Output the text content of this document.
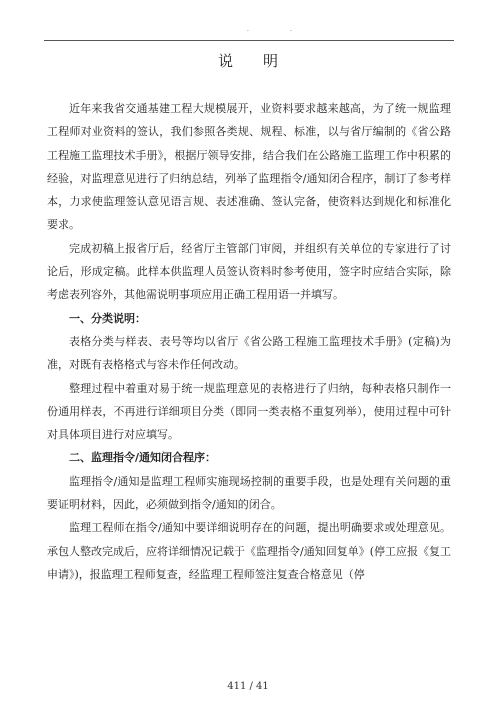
.	.
说明

近年来我省交通基建工程大规模展开，业资料要求越来越高，为了统一规监理工程师对业资料的签认，我们参照各类规、规程、标准，以与省厅编制的《省公路工程施工监理技术手册》，根据厅领导安排，结合我们在公路施工监理工作中积累的经验，对监理意见进行了归纳总结，列举了监理指令/通知闭合程序，制订了参考样本，力求使监理签认意见语言规、表述准确、签认完备，使资料达到规化和标准化要求。

完成初稿上报省厅后，经省厅主管部门审阅，并组织有关单位的专家进行了讨论后，形成定稿。此样本供监理人员签认资料时参考使用，签字时应结合实际，除考虑表列容外，其他需说明事项应用正确工程用语一并填写。

一、分类说明：

表格分类与样表、表号等均以省厅《省公路工程施工监理技术手册》(定稿)为准，对既有表格格式与容未作任何改动。

整理过程中着重对易于统一规监理意见的表格进行了归纳，每种表格只制作一份通用样表，不再进行详细项目分类（即同一类表格不重复列举），使用过程中可针对具体项目进行对应填写。

二、监理指令/通知闭合程序：

监理指令/通知是监理工程师实施现场控制的重要手段，也是处理有关问题的重要证明材料，因此，必须做到指令/通知的闭合。

监理工程师在指令/通知中要详细说明存在的问题，提出明确要求或处理意见。承包人整改完成后，应将详细情况记载于《监理指令/通知回复单》(停工应报《复工申请》)，报监理工程师复查，经监理工程师签注复查合格意见（停

411 / 41
